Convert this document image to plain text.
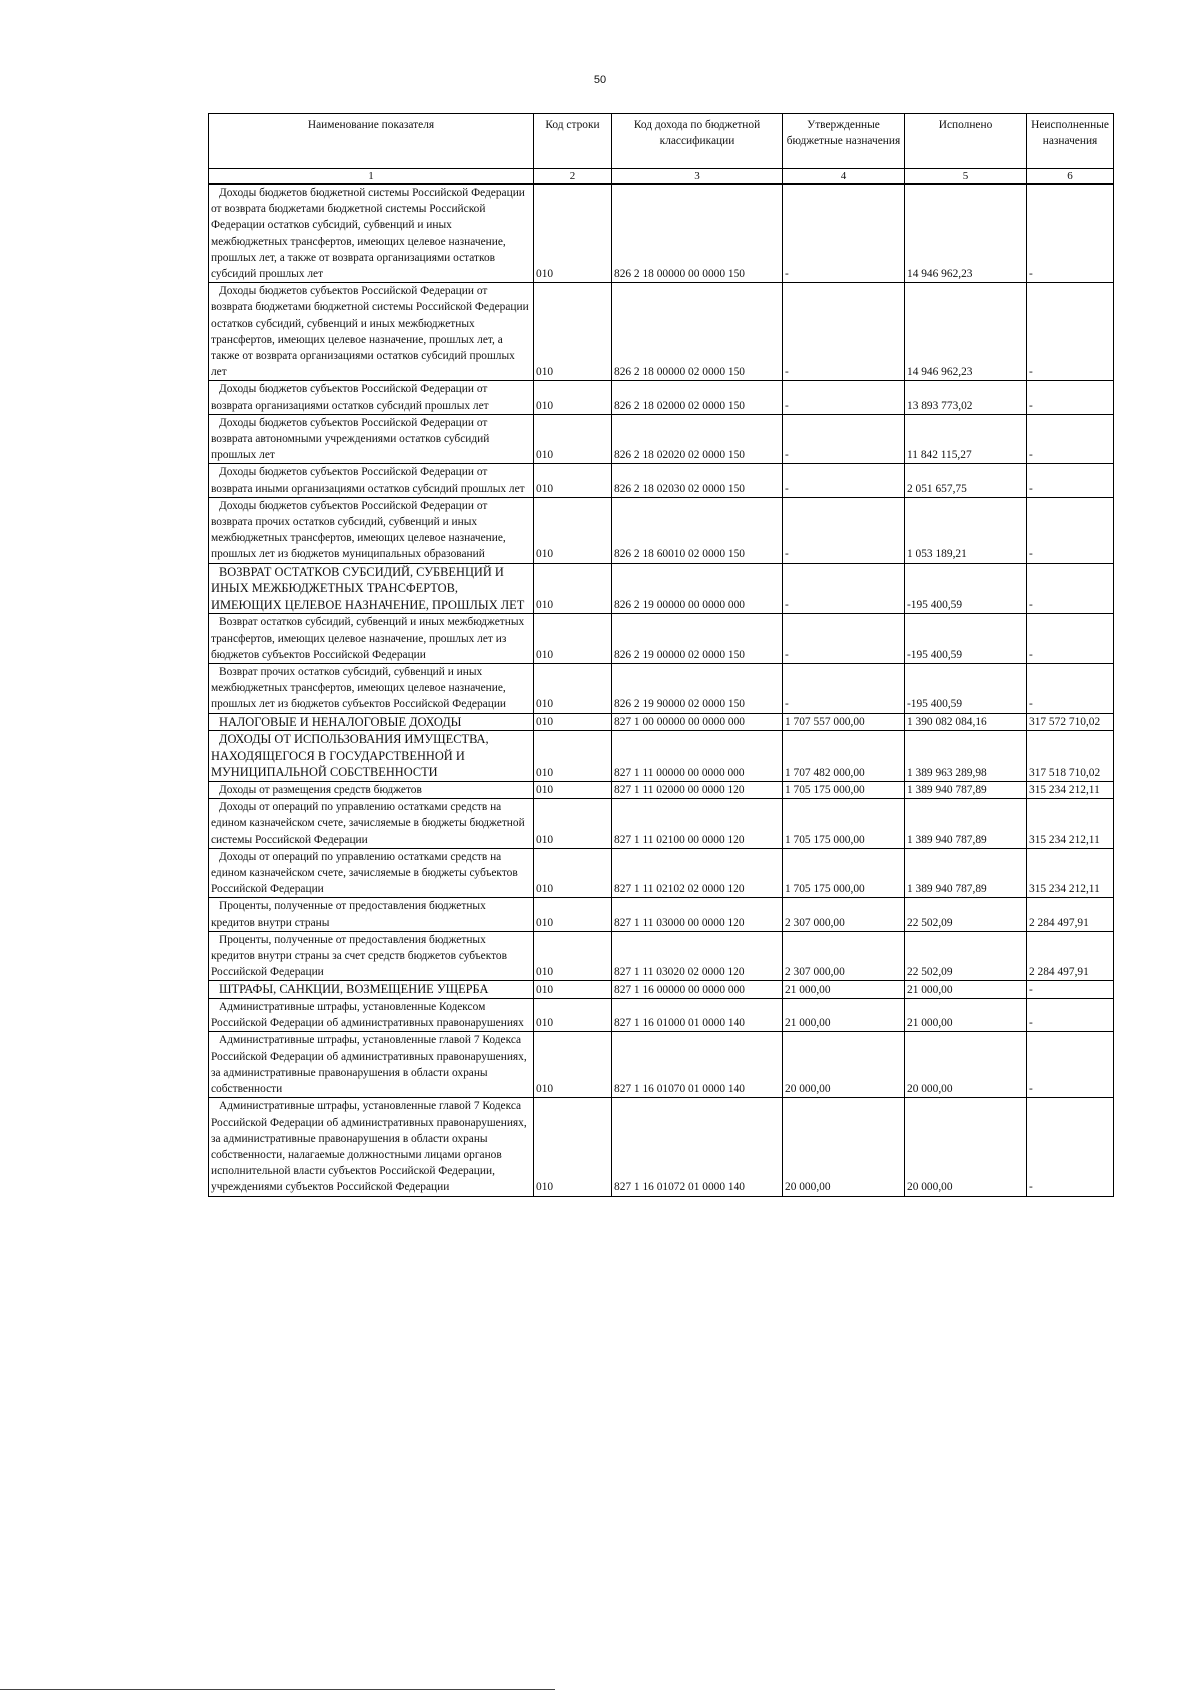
50
Наименование показателя	Код строки	Код дохода по бюджетной классификации	Утвержденные бюджетные назначения	Исполнено	Неисполненные назначения
1	2	3	4	5	6
Доходы бюджетов бюджетной системы Российской Федерации от возврата бюджетами бюджетной системы Российской Федерации остатков субсидий, субвенций и иных межбюджетных трансфертов, имеющих целевое назначение, прошлых лет, а также от возврата организациями остатков субсидий прошлых лет	010	826 2 18 00000 00 0000 150	-	14 946 962,23	-
Доходы бюджетов субъектов Российской Федерации от возврата бюджетами бюджетной системы Российской Федерации остатков субсидий, субвенций и иных межбюджетных трансфертов, имеющих целевое назначение, прошлых лет, а также от возврата организациями остатков субсидий прошлых лет	010	826 2 18 00000 02 0000 150	-	14 946 962,23	-
Доходы бюджетов субъектов Российской Федерации от возврата организациями остатков субсидий прошлых лет	010	826 2 18 02000 02 0000 150	-	13 893 773,02	-
Доходы бюджетов субъектов Российской Федерации от возврата автономными учреждениями остатков субсидий прошлых лет	010	826 2 18 02020 02 0000 150	-	11 842 115,27	-
Доходы бюджетов субъектов Российской Федерации от возврата иными организациями остатков субсидий прошлых лет	010	826 2 18 02030 02 0000 150	-	2 051 657,75	-
Доходы бюджетов субъектов Российской Федерации от возврата прочих остатков субсидий, субвенций и иных межбюджетных трансфертов, имеющих целевое назначение, прошлых лет из бюджетов муниципальных образований	010	826 2 18 60010 02 0000 150	-	1 053 189,21	-
ВОЗВРАТ ОСТАТКОВ СУБСИДИЙ, СУБВЕНЦИЙ И ИНЫХ МЕЖБЮДЖЕТНЫХ ТРАНСФЕРТОВ, ИМЕЮЩИХ ЦЕЛЕВОЕ НАЗНАЧЕНИЕ, ПРОШЛЫХ ЛЕТ	010	826 2 19 00000 00 0000 000	-	-195 400,59	-
Возврат остатков субсидий, субвенций и иных межбюджетных трансфертов, имеющих целевое назначение, прошлых лет из бюджетов субъектов Российской Федерации	010	826 2 19 00000 02 0000 150	-	-195 400,59	-
Возврат прочих остатков субсидий, субвенций и иных межбюджетных трансфертов, имеющих целевое назначение, прошлых лет из бюджетов субъектов Российской Федерации	010	826 2 19 90000 02 0000 150	-	-195 400,59	-
НАЛОГОВЫЕ И НЕНАЛОГОВЫЕ ДОХОДЫ	010	827 1 00 00000 00 0000 000	1 707 557 000,00	1 390 082 084,16	317 572 710,02
ДОХОДЫ ОТ ИСПОЛЬЗОВАНИЯ ИМУЩЕСТВА, НАХОДЯЩЕГОСЯ В ГОСУДАРСТВЕННОЙ И МУНИЦИПАЛЬНОЙ СОБСТВЕННОСТИ	010	827 1 11 00000 00 0000 000	1 707 482 000,00	1 389 963 289,98	317 518 710,02
Доходы от размещения средств бюджетов	010	827 1 11 02000 00 0000 120	1 705 175 000,00	1 389 940 787,89	315 234 212,11
Доходы от операций по управлению остатками средств на едином казначейском счете, зачисляемые в бюджеты бюджетной системы Российской Федерации	010	827 1 11 02100 00 0000 120	1 705 175 000,00	1 389 940 787,89	315 234 212,11
Доходы от операций по управлению остатками средств на едином казначейском счете, зачисляемые в бюджеты субъектов Российской Федерации	010	827 1 11 02102 02 0000 120	1 705 175 000,00	1 389 940 787,89	315 234 212,11
Проценты, полученные от предоставления бюджетных кредитов внутри страны	010	827 1 11 03000 00 0000 120	2 307 000,00	22 502,09	2 284 497,91
Проценты, полученные от предоставления бюджетных кредитов внутри страны за счет средств бюджетов субъектов Российской Федерации	010	827 1 11 03020 02 0000 120	2 307 000,00	22 502,09	2 284 497,91
ШТРАФЫ, САНКЦИИ, ВОЗМЕЩЕНИЕ УЩЕРБА	010	827 1 16 00000 00 0000 000	21 000,00	21 000,00	-
Административные штрафы, установленные Кодексом Российской Федерации об административных правонарушениях	010	827 1 16 01000 01 0000 140	21 000,00	21 000,00	-
Административные штрафы, установленные главой 7 Кодекса Российской Федерации об административных правонарушениях, за административные правонарушения в области охраны собственности	010	827 1 16 01070 01 0000 140	20 000,00	20 000,00	-
Административные штрафы, установленные главой 7 Кодекса Российской Федерации об административных правонарушениях, за административные правонарушения в области охраны собственности, налагаемые должностными лицами органов исполнительной власти субъектов Российской Федерации, учреждениями субъектов Российской Федерации	010	827 1 16 01072 01 0000 140	20 000,00	20 000,00	-
